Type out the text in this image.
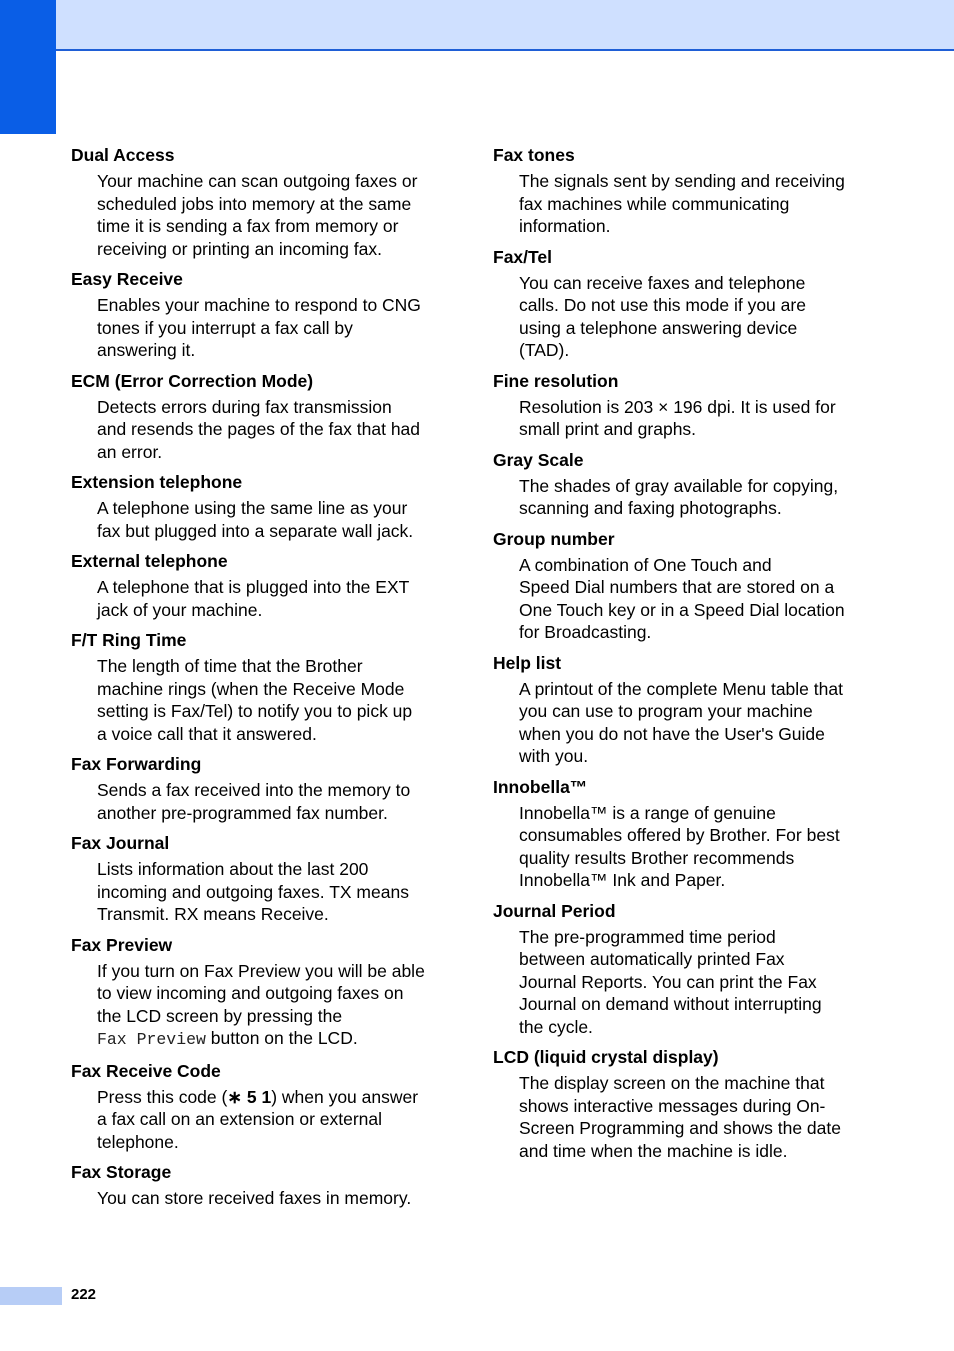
Dual Access
Your machine can scan outgoing faxes or
scheduled jobs into memory at the same
time it is sending a fax from memory or
receiving or printing an incoming fax.
Easy Receive
Enables your machine to respond to CNG
tones if you interrupt a fax call by
answering it.
ECM (Error Correction Mode)
Detects errors during fax transmission
and resends the pages of the fax that had
an error.
Extension telephone
A telephone using the same line as your
fax but plugged into a separate wall jack.
External telephone
A telephone that is plugged into the EXT
jack of your machine.
F/T Ring Time
The length of time that the Brother
machine rings (when the Receive Mode
setting is Fax/Tel) to notify you to pick up
a voice call that it answered.
Fax Forwarding
Sends a fax received into the memory to
another pre-programmed fax number.
Fax Journal
Lists information about the last 200
incoming and outgoing faxes. TX means
Transmit. RX means Receive.
Fax Preview
If you turn on Fax Preview you will be able
to view incoming and outgoing faxes on
the LCD screen by pressing the
Fax Preview button on the LCD.
Fax Receive Code
Press this code (∗ 5 1) when you answer
a fax call on an extension or external
telephone.
Fax Storage
You can store received faxes in memory.
Fax tones
The signals sent by sending and receiving
fax machines while communicating
information.
Fax/Tel
You can receive faxes and telephone
calls. Do not use this mode if you are
using a telephone answering device
(TAD).
Fine resolution
Resolution is 203 × 196 dpi. It is used for
small print and graphs.
Gray Scale
The shades of gray available for copying,
scanning and faxing photographs.
Group number
A combination of One Touch and
Speed Dial numbers that are stored on a
One Touch key or in a Speed Dial location
for Broadcasting.
Help list
A printout of the complete Menu table that
you can use to program your machine
when you do not have the User's Guide
with you.
Innobella™
Innobella™ is a range of genuine
consumables offered by Brother. For best
quality results Brother recommends
Innobella™ Ink and Paper.
Journal Period
The pre-programmed time period
between automatically printed Fax
Journal Reports. You can print the Fax
Journal on demand without interrupting
the cycle.
LCD (liquid crystal display)
The display screen on the machine that
shows interactive messages during On-
Screen Programming and shows the date
and time when the machine is idle.
222
